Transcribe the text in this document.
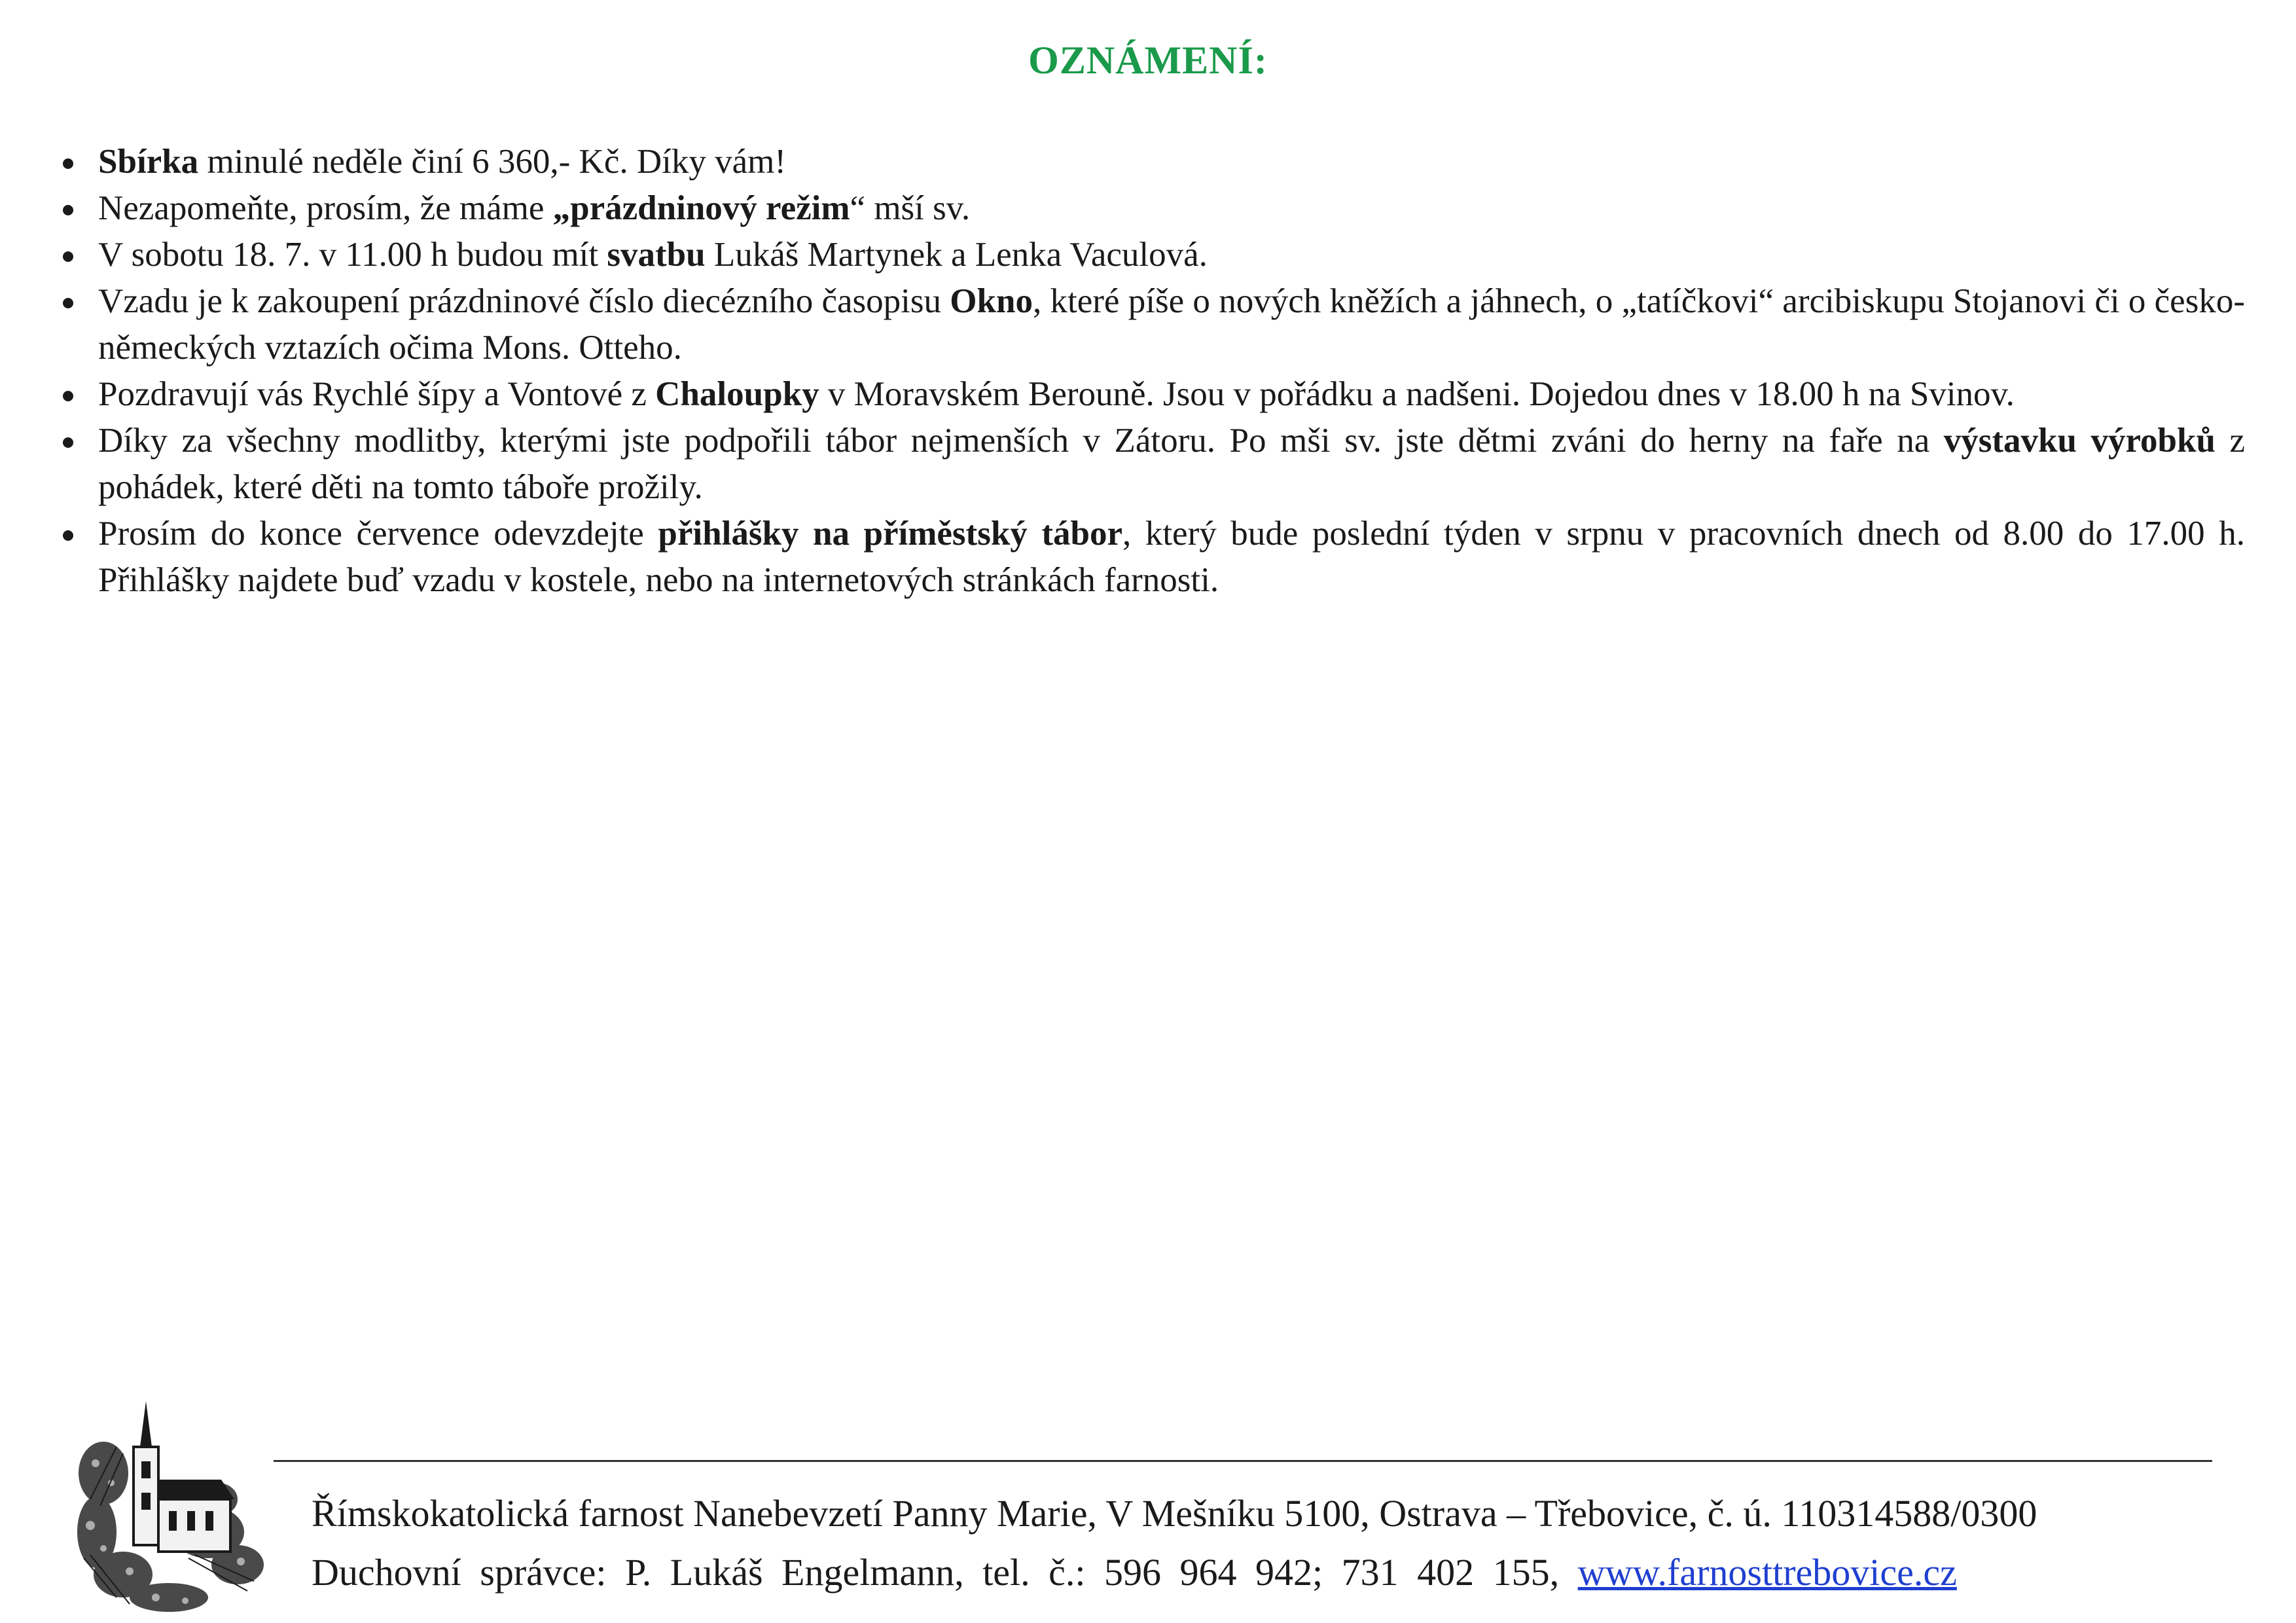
OZNÁMENÍ:
Sbírka minulé neděle činí 6 360,- Kč. Díky vám!
Nezapomeňte, prosím, že máme „prázdninový režim“ mší sv.
V sobotu 18. 7. v 11.00 h budou mít svatbu Lukáš Martynek a Lenka Vaculová.
Vzadu je k zakoupení prázdninové číslo diecézního časopisu Okno, které píše o nových kněžích a jáhnech, o „tatíčkovi“ arcibiskupu Stojanovi či o česko-německých vztazích očima Mons. Otteho.
Pozdravují vás Rychlé šípy a Vontové z Chaloupky v Moravském Berouně. Jsou v pořádku a nadšeni. Dojedou dnes v 18.00 h na Svinov.
Díky za všechny modlitby, kterými jste podpořili tábor nejmenších v Zátoru. Po mši sv. jste dětmi zváni do herny na faře na výstavku výrobků z pohádek, které děti na tomto táboře prožily.
Prosím do konce července odevzdejte přihlášky na příměstský tábor, který bude poslední týden v srpnu v pracovních dnech od 8.00 do 17.00 h. Přihlášky najdete buď vzadu v kostele, nebo na internetových stránkách farnosti.
Římskokatolická farnost Nanebevzetí Panny Marie, V Mešníku 5100, Ostrava – Třebovice, č. ú. 110314588/0300
Duchovní správce: P. Lukáš Engelmann, tel. č.: 596 964 942; 731 402 155, www.farnosttrebovice.cz
